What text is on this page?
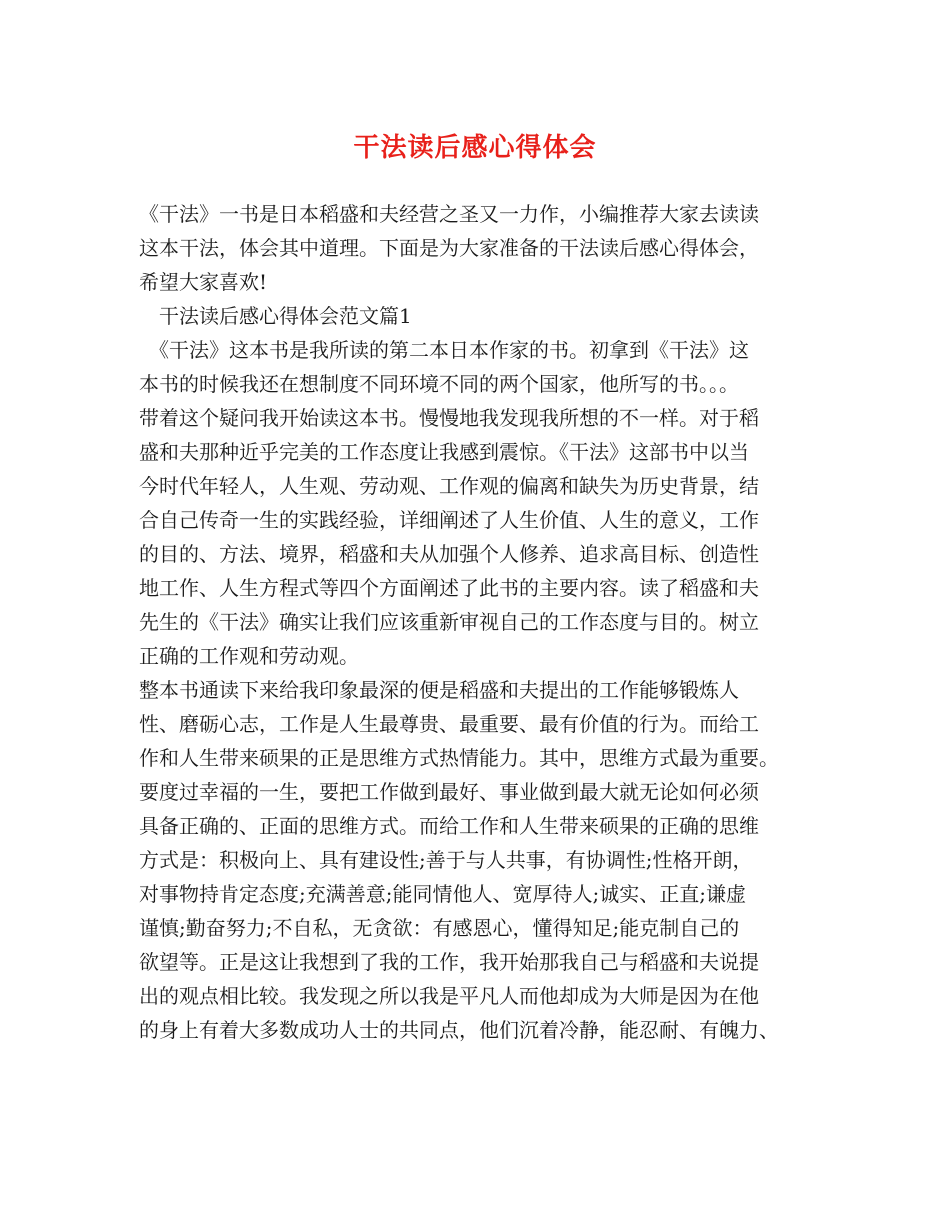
干法读后感心得体会
《干法》一书是日本稻盛和夫经营之圣又一力作，小编推荐大家去读读
这本干法，体会其中道理。下面是为大家准备的干法读后感心得体会，
希望大家喜欢!
　干法读后感心得体会范文篇1
　《干法》这本书是我所读的第二本日本作家的书。初拿到《干法》这
本书的时候我还在想制度不同环境不同的两个国家，他所写的书。。。
带着这个疑问我开始读这本书。慢慢地我发现我所想的不一样。对于稻
盛和夫那种近乎完美的工作态度让我感到震惊。《干法》这部书中以当
今时代年轻人，人生观、劳动观、工作观的偏离和缺失为历史背景，结
合自己传奇一生的实践经验，详细阐述了人生价值、人生的意义，工作
的目的、方法、境界，稻盛和夫从加强个人修养、追求高目标、创造性
地工作、人生方程式等四个方面阐述了此书的主要内容。读了稻盛和夫
先生的《干法》确实让我们应该重新审视自己的工作态度与目的。树立
正确的工作观和劳动观。
整本书通读下来给我印象最深的便是稻盛和夫提出的工作能够锻炼人
性、磨砺心志，工作是人生最尊贵、最重要、最有价值的行为。而给工
作和人生带来硕果的正是思维方式热情能力。其中，思维方式最为重要。
要度过幸福的一生，要把工作做到最好、事业做到最大就无论如何必须
具备正确的、正面的思维方式。而给工作和人生带来硕果的正确的思维
方式是：积极向上、具有建设性;善于与人共事，有协调性;性格开朗，
对事物持肯定态度;充满善意;能同情他人、宽厚待人;诚实、正直;谦虚
谨慎;勤奋努力;不自私，无贪欲：有感恩心，懂得知足;能克制自己的
欲望等。正是这让我想到了我的工作，我开始那我自己与稻盛和夫说提
出的观点相比较。我发现之所以我是平凡人而他却成为大师是因为在他
的身上有着大多数成功人士的共同点，他们沉着冷静，能忍耐、有魄力、
